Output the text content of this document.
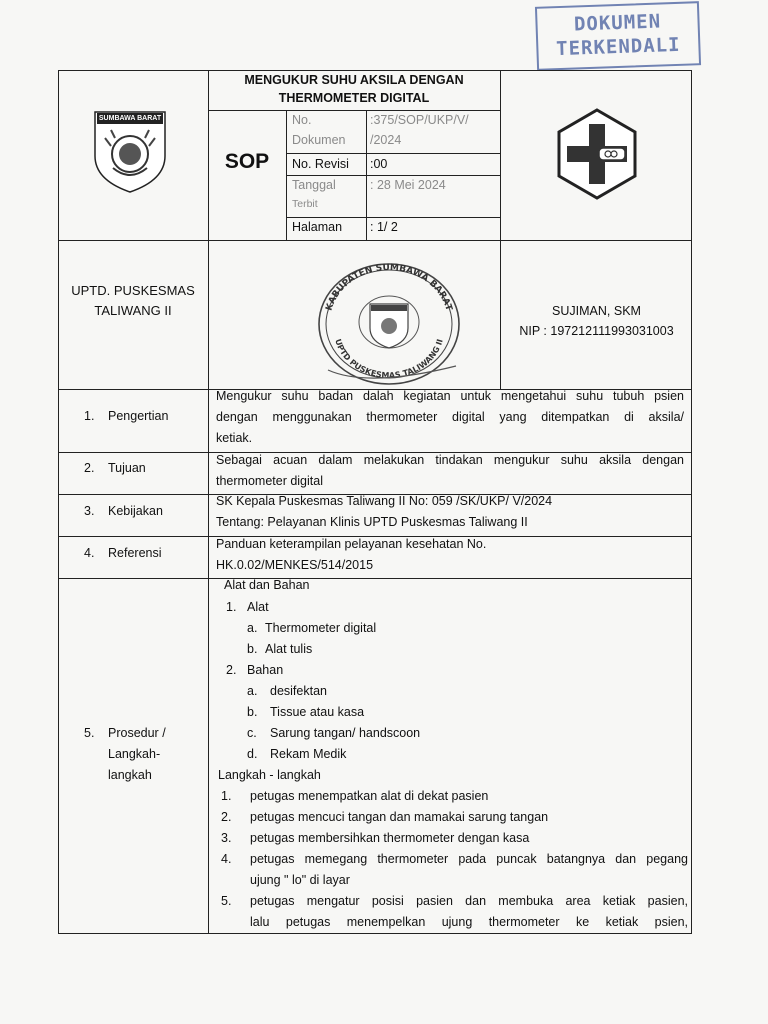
DOKUMEN
TERKENDALI
SUMBAWA BARAT
MENGUKUR SUHU AKSILA DENGAN
THERMOMETER DIGITAL
SOP
No.
Dokumen
:375/SOP/UKP/V/
/2024
No. Revisi :00
Tanggal
Terbit
: 28 Mei 2024
Halaman : 1/ 2
UPTD. PUSKESMAS
TALIWANG II	KABUPATEN SUMBAWA BARAT
UPTD PUSKESMAS TALIWANG II
SUJIMAN, SKM
NIP : 197212111993031003
1. Pengertian
Mengukur suhu badan dalah kegiatan untuk mengetahui suhu tubuh psien
dengan menggunakan thermometer digital yang ditempatkan di aksila/
ketiak.
2. Tujuan
Sebagai acuan dalam melakukan tindakan mengukur suhu aksila dengan
thermometer digital
3. Kebijakan
SK Kepala Puskesmas Taliwang II No: 059 /SK/UKP/ V/2024
Tentang: Pelayanan Klinis UPTD Puskesmas Taliwang II
4. Referensi
Panduan keterampilan pelayanan kesehatan No.
HK.0.02/MENKES/514/2015
5. Prosedur /
Langkah-
langkah
Alat dan Bahan
1. Alat
a. Thermometer digital
b. Alat tulis
2. Bahan
a. desifektan
b. Tissue atau kasa
c. Sarung tangan/ handscoon
d. Rekam Medik
Langkah - langkah
1. petugas menempatkan alat di dekat pasien
2. petugas mencuci tangan dan mamakai sarung tangan
3. petugas membersihkan thermometer dengan kasa
4. petugas memegang thermometer pada puncak batangnya dan pegang
ujung " lo" di layar
5. petugas mengatur posisi pasien dan membuka area ketiak pasien,
lalu petugas menempelkan ujung thermometer ke ketiak psien,
